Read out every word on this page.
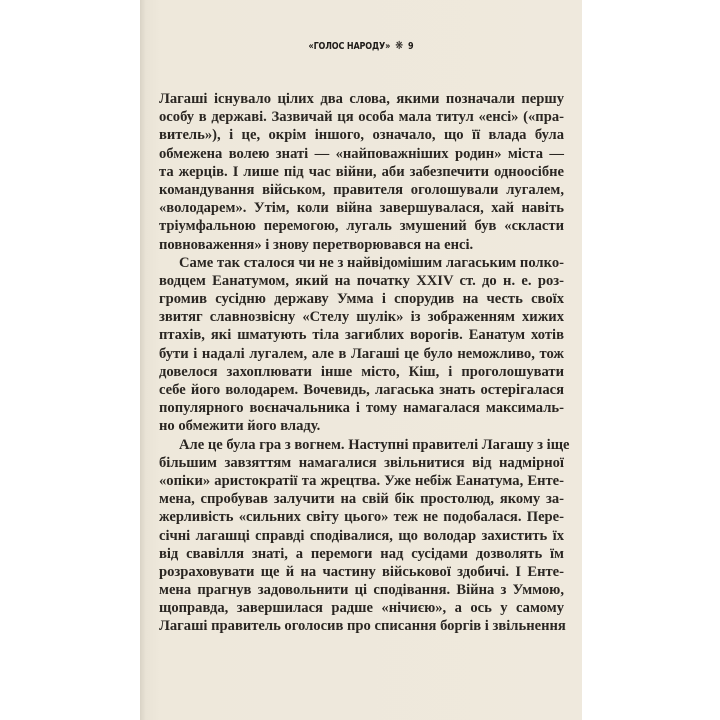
«ГОЛОС НАРОДУ» ❋ 9
Лагаші існувало цілих два слова, якими позначали першу
особу в державі. Зазвичай ця особа мала титул «енсі» («пра-
витель»), і це, окрім іншого, означало, що її влада була
обмежена волею знаті — «найповажніших родин» міста —
та жерців. І лише під час війни, аби забезпечити одноосібне
командування військом, правителя оголошували лугалем,
«володарем». Утім, коли війна завершувалася, хай навіть
тріумфальною перемогою, лугаль змушений був «скласти
повноваження» і знову перетворювався на енсі.
Саме так сталося чи не з найвідомішим лагаським полко-
водцем Еанатумом, який на початку XXIV ст. до н. е. роз-
громив сусідню державу Умма і спорудив на честь своїх
звитяг славнозвісну «Стелу шулік» із зображенням хижих
птахів, які шматують тіла загиблих ворогів. Еанатум хотів
бути і надалі лугалем, але в Лагаші це було неможливо, тож
довелося захоплювати інше місто, Кіш, і проголошувати
себе його володарем. Вочевидь, лагаська знать остерігалася
популярного воєначальника і тому намагалася максималь-
но обмежити його владу.
Але це була гра з вогнем. Наступні правителі Лагашу з іще
більшим завзяттям намагалися звільнитися від надмірної
«опіки» аристократії та жрецтва. Уже небіж Еанатума, Енте-
мена, спробував залучити на свій бік простолюд, якому за-
жерливість «сильних світу цього» теж не подобалася. Пере-
січні лагашці справді сподівалися, що володар захистить їх
від свавілля знаті, а перемоги над сусідами дозволять їм
розраховувати ще й на частину військової здобичі. І Енте-
мена прагнув задовольнити ці сподівання. Війна з Уммою,
щоправда, завершилася радше «нічиєю», а ось у самому
Лагаші правитель оголосив про списання боргів і звільнення
